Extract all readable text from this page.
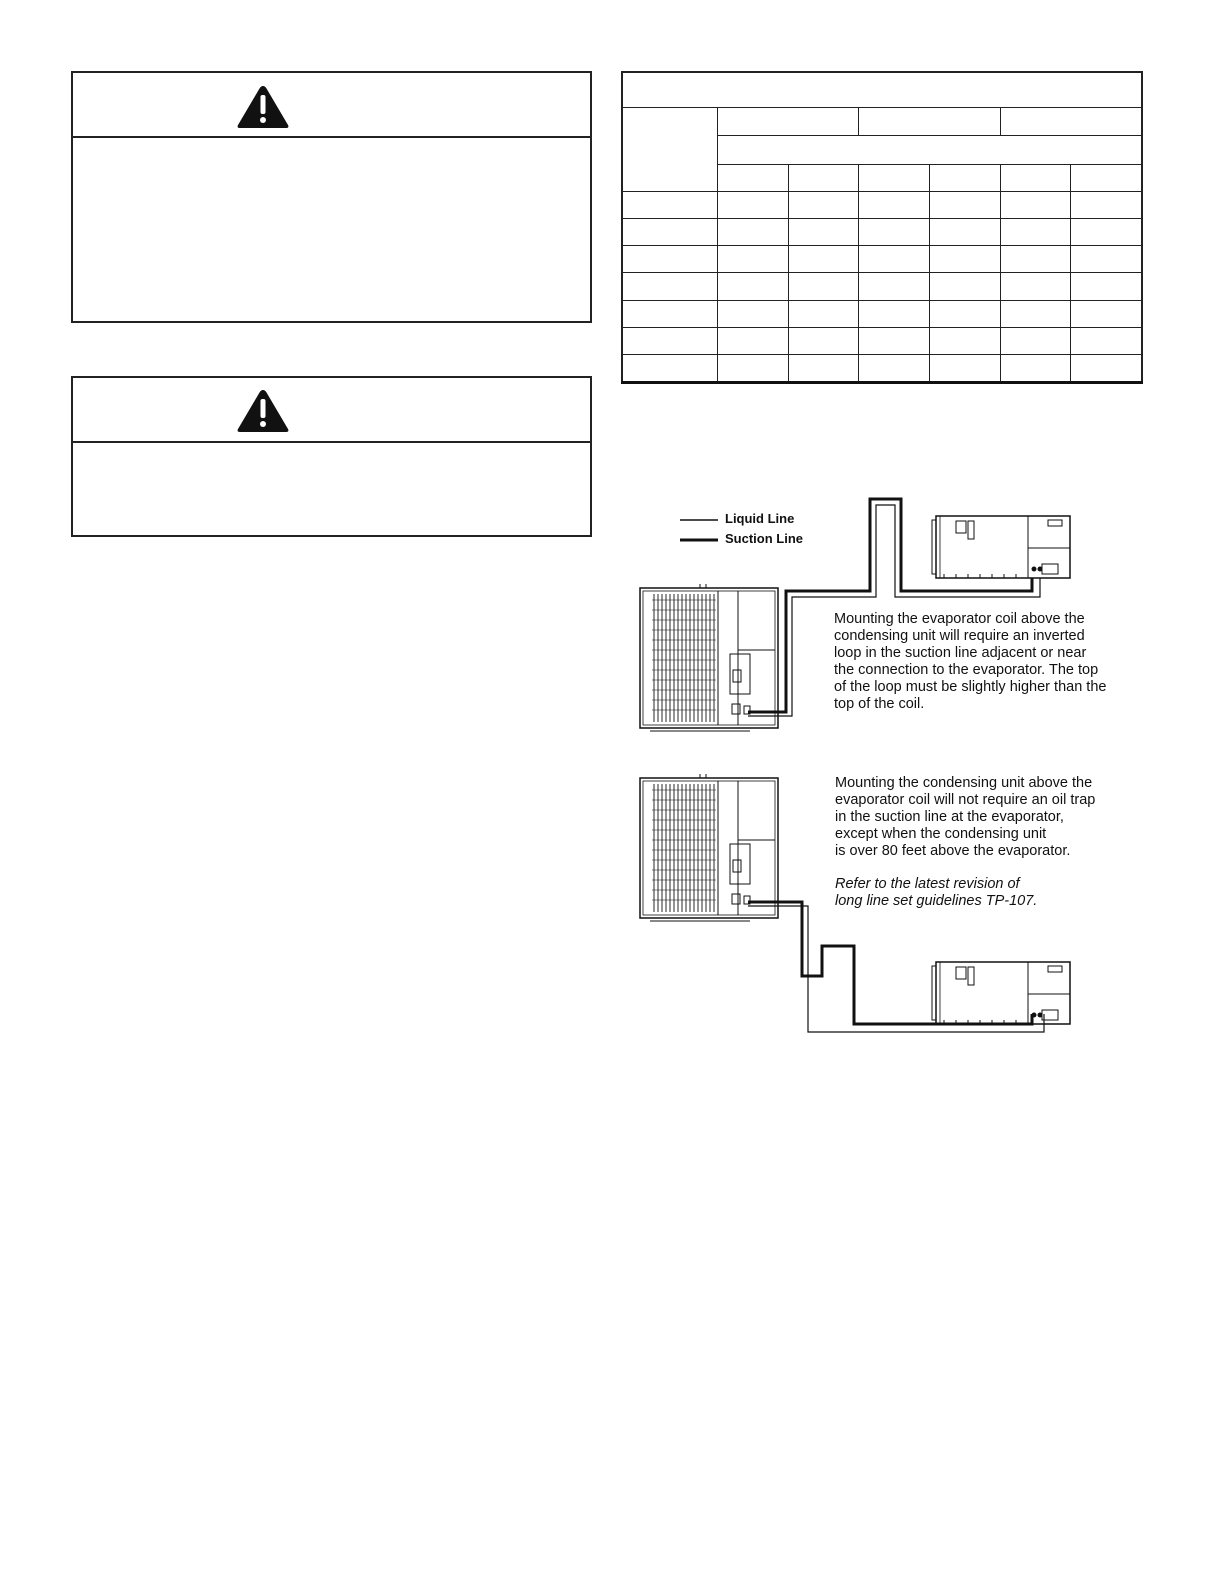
Liquid Line
Suction Line

Mounting the evaporator coil above the

condensing unit will require an inverted

loop in the suction line adjacent or near

the connection to the evaporator. The top

of the loop must be slightly higher than the

top of the coil.

Mounting the condensing unit above the

evaporator coil will not require an oil trap

in the suction line at the evaporator,

except when the condensing unit

is over 80 feet above the evaporator.

Refer to the latest revision of

long line set guidelines TP-107.
